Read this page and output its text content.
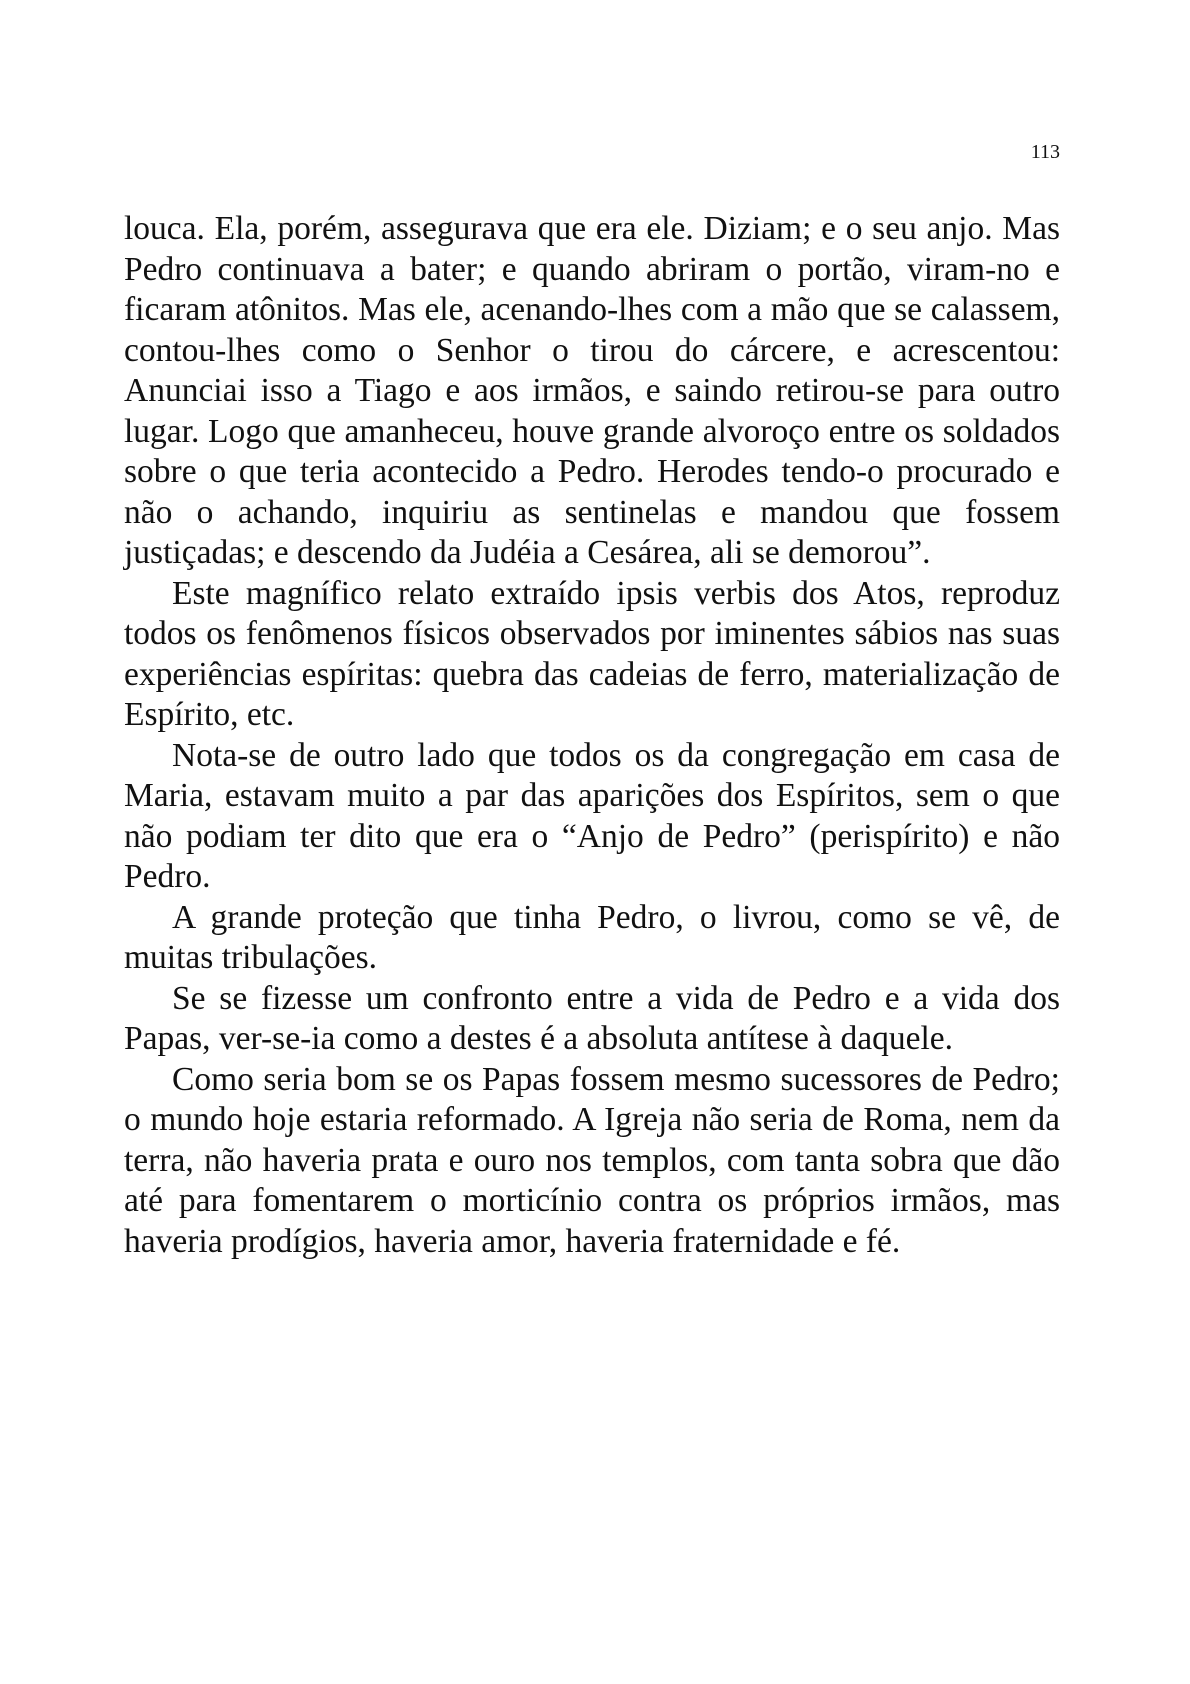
113

louca. Ela, porém, assegurava que era ele. Diziam; e o seu anjo. Mas Pedro continuava a bater; e quando abriram o portão, viram-no e ficaram atônitos. Mas ele, acenando-lhes com a mão que se calassem, contou-lhes como o Senhor o tirou do cárcere, e acrescentou: Anunciai isso a Tiago e aos irmãos, e saindo retirou-se para outro lugar. Logo que amanheceu, houve grande alvoroço entre os soldados sobre o que teria acontecido a Pedro. Herodes tendo-o procurado e não o achando, inquiriu as sentinelas e mandou que fossem justiçadas; e descendo da Judéia a Cesárea, ali se demorou”.

Este magnífico relato extraído ipsis verbis dos Atos, reproduz todos os fenômenos físicos observados por iminentes sábios nas suas experiências espíritas: quebra das cadeias de ferro, materialização de Espírito, etc.

Nota-se de outro lado que todos os da congregação em casa de Maria, estavam muito a par das aparições dos Espíritos, sem o que não podiam ter dito que era o “Anjo de Pedro” (perispírito) e não Pedro.

A grande proteção que tinha Pedro, o livrou, como se vê, de muitas tribulações.

Se se fizesse um confronto entre a vida de Pedro e a vida dos Papas, ver-se-ia como a destes é a absoluta antítese à daquele.

Como seria bom se os Papas fossem mesmo sucessores de Pedro; o mundo hoje estaria reformado. A Igreja não seria de Roma, nem da terra, não haveria prata e ouro nos templos, com tanta sobra que dão até para fomentarem o morticínio contra os próprios irmãos, mas haveria prodígios, haveria amor, haveria fraternidade e fé.
